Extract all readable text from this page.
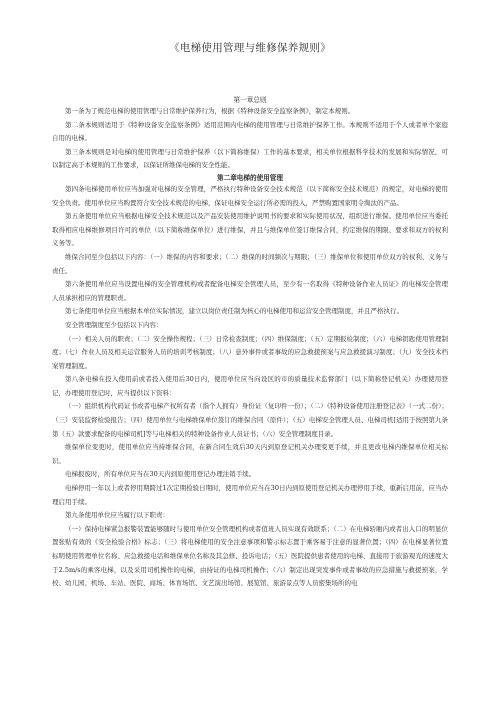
《电梯使用管理与维修保养规则》
第一章总则

第一条为了规范电梯的使用管理与日常维护保养行为，根据《特种设备安全监察条例》，制定本规则。

第二条本规则适用于《特种设备安全监察条例》适用范围内电梯的使用管理与日常维护保养工作。本规则不适用于个人或者单个家庭自用的电梯。

第三条本规则是对电梯的使用管理与日常维护保养（以下简称维保）工作的基本要求，相关单位根据科学技术的发展和实际情况，可以制定高于本规则的工作要求，以保证所维保电梯的安全性能。

第二章电梯的使用管理

第四条电梯使用单位应当加强对电梯的安全管理，严格执行特种设备安全技术规范（以下简称安全技术规范）的规定，对电梯的使用安全负责。使用单位应当购置符合安全技术规范的电梯，保证电梯安全运行所必需的投入，严禁购置国家明令淘汰的产品。

第五条使用单位应当根据电梯安全技术规范以及产品安装使用维护说明书的要求和实际使用状况，组织进行维保。使用单位应当委托取得相应电梯维修项目许可的单位（以下简称维保单位）进行维保，并且与维保单位签订维保合同，约定维保的期限、要求和双方的权利义务等。

维保合同至少包括以下内容：（一）维保的内容和要求；（二）维保的时间频次与期限；（三）维保单位和使用单位双方的权利、义务与责任。

第六条使用单位应当设置电梯的安全管理机构或者配备电梯安全管理人员，至少有一名取得《特种设备作业人员证》的电梯安全管理人员承担相应的管理职责。

第七条使用单位应当根据本单位实际情况，建立以岗位责任制为核心的电梯使用和运营安全管理制度，并且严格执行。

安全管理制度至少包括以下内容：

（一）相关人员的职责；（二）安全操作规程；（三）日常检查制度；（四）维保制度；（五）定期报检制度；（六）电梯钥匙使用管理制度；（七）作业人员及相关运营服务人员的培训考核制度；（八）意外事件或者事故的应急救援预案与应急救援演习制度；（九）安全技术档案管理制度。

第八条电梯在投入使用前或者投入使用后30日内，使用单位应当向设区的市的质量技术监督部门（以下简称登记机关）办理使用登记，办理使用登记时，应当提供以下资料：

（一）组织机构代码证书或者电梯产权所有者（指个人拥有）身份证（复印件一份）；（二）《特种设备使用注册登记表》（一式二份）；（三）安装监督检验报告；（四）使用单位与电梯维保单位签订的维保合同（原件）；（五）电梯安全管理人员、电梯司机[适用于按照第九条第（五）款要求配备的电梯司机]等与电梯相关的特种设备作业人员证书；（六）安全管理制度目录。

维保单位变更时，使用单位应当持维保合同，在新合同生效后30天内到原登记机关办理变更手续，并且更改电梯内维保单位相关标识。

电梯报废时，所有单位应当在30天内到原使用登记办理注销手续。

电梯停用一年以上或者停用期跨过1次定期检验日期时，使用单位应当在30日内到原使用登记机关办理停用手续，重新启用前，应当办理启用手续。

第九条使用单位应当履行以下职责：

（一）保持电梯紧急报警装置能够随时与使用单位安全管理机构或者值班人员实现有效联系；（二）在电梯轿厢内或者出入口的明显位置张贴有效的《安全检验合格》标志；（三）将电梯使用的安全注意事项和警示标志置于乘客易于注意的显著位置；（四）在电梯显著位置标明使用管理单位名称、应急救援电话和维保单位名称及其急修、投诉电话；（五）医院提供患者使用的电梯、直接用于旅游观光的速度大于2.5m/s的乘客电梯，以及采用司机操作的电梯，由持证的电梯司机操作；（六）制定出现突发事件或者事故的应急措施与救援预案，学校、幼儿园、机场、车站、医院、商场、体育场馆、文艺演出场馆、展览馆、旅游景点等人员密集场所的电
